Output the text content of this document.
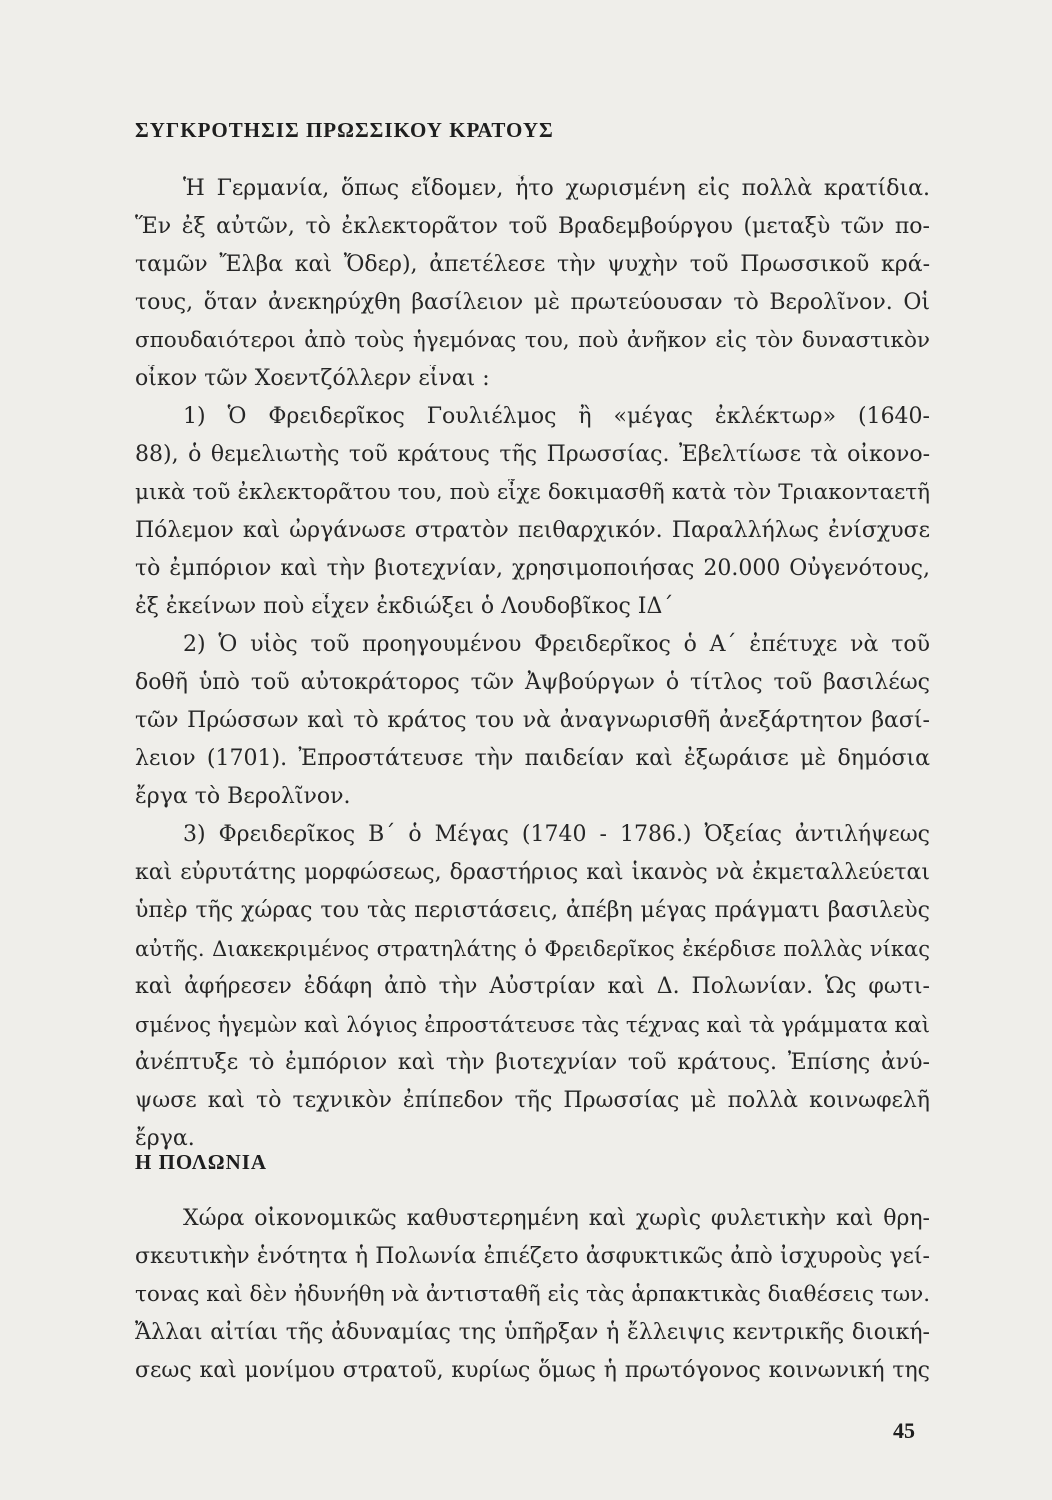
ΣΥΓΚΡΟΤΗΣΙΣ ΠΡΩΣΣΙΚΟΥ ΚΡΑΤΟΥΣ
Ἡ Γερμανία, ὅπως εἴδομεν, ἦτο χωρισμένη εἰς πολλὰ κρατίδια.
Ἕν ἐξ αὐτῶν, τὸ ἐκλεκτορᾶτον τοῦ Βραδεμβούργου (μεταξὺ τῶν πο-
ταμῶν Ἔλβα καὶ Ὄδερ), ἀπετέλεσε τὴν ψυχὴν τοῦ Πρωσσικοῦ κρά-
τους, ὅταν ἀνεκηρύχθη βασίλειον μὲ πρωτεύουσαν τὸ Βερολῖνον. Οἱ
σπουδαιότεροι ἀπὸ τοὺς ἡγεμόνας του, ποὺ ἀνῆκον εἰς τὸν δυναστικὸν
οἶκον τῶν Χοεντζόλλερν εἶναι :
1) Ὁ Φρειδερῖκος Γουλιέλμος ἢ «μέγας ἐκλέκτωρ» (1640-
88), ὁ θεμελιωτὴς τοῦ κράτους τῆς Πρωσσίας. Ἐβελτίωσε τὰ οἰκονο-
μικὰ τοῦ ἐκλεκτορᾶτου του, ποὺ εἶχε δοκιμασθῆ κατὰ τὸν Τριακονταετῆ
Πόλεμον καὶ ὠργάνωσε στρατὸν πειθαρχικόν. Παραλλήλως ἐνίσχυσε
τὸ ἐμπόριον καὶ τὴν βιοτεχνίαν, χρησιμοποιήσας 20.000 Οὐγενότους,
ἐξ ἐκείνων ποὺ εἶχεν ἐκδιώξει ὁ Λουδοβῖκος ΙΔ΄
2) Ὁ υἱὸς τοῦ προηγουμένου Φρειδερῖκος ὁ Α΄ ἐπέτυχε νὰ τοῦ
δοθῆ ὑπὸ τοῦ αὐτοκράτορος τῶν Ἀψβούργων ὁ τίτλος τοῦ βασιλέως
τῶν Πρώσσων καὶ τὸ κράτος του νὰ ἀναγνωρισθῆ ἀνεξάρτητον βασί-
λειον (1701). Ἐπροστάτευσε τὴν παιδείαν καὶ ἐξωράισε μὲ δημόσια
ἔργα τὸ Βερολῖνον.
3) Φρειδερῖκος Β΄ ὁ Μέγας (1740 - 1786.) Ὀξείας ἀντιλήψεως
καὶ εὐρυτάτης μορφώσεως, δραστήριος καὶ ἱκανὸς νὰ ἐκμεταλλεύεται
ὑπὲρ τῆς χώρας του τὰς περιστάσεις, ἀπέβη μέγας πράγματι βασιλεὺς
αὐτῆς. Διακεκριμένος στρατηλάτης ὁ Φρειδερῖκος ἐκέρδισε πολλὰς νίκας
καὶ ἀφήρεσεν ἐδάφη ἀπὸ τὴν Αὐστρίαν καὶ Δ. Πολωνίαν. Ὡς φωτι-
σμένος ἡγεμὼν καὶ λόγιος ἐπροστάτευσε τὰς τέχνας καὶ τὰ γράμματα καὶ
ἀνέπτυξε τὸ ἐμπόριον καὶ τὴν βιοτεχνίαν τοῦ κράτους. Ἐπίσης ἀνύ-
ψωσε καὶ τὸ τεχνικὸν ἐπίπεδον τῆς Πρωσσίας μὲ πολλὰ κοινωφελῆ
ἔργα.
Η ΠΟΛΩΝΙΑ
Χώρα οἰκονομικῶς καθυστερημένη καὶ χωρὶς φυλετικὴν καὶ θρη-
σκευτικὴν ἑνότητα ἡ Πολωνία ἐπιέζετο ἀσφυκτικῶς ἀπὸ ἰσχυροὺς γεί-
τονας καὶ δὲν ἠδυνήθη νὰ ἀντισταθῆ εἰς τὰς ἁρπακτικὰς διαθέσεις των.
Ἄλλαι αἰτίαι τῆς ἀδυναμίας της ὑπῆρξαν ἡ ἔλλειψις κεντρικῆς διοική-
σεως καὶ μονίμου στρατοῦ, κυρίως ὅμως ἡ πρωτόγονος κοινωνική της
45
